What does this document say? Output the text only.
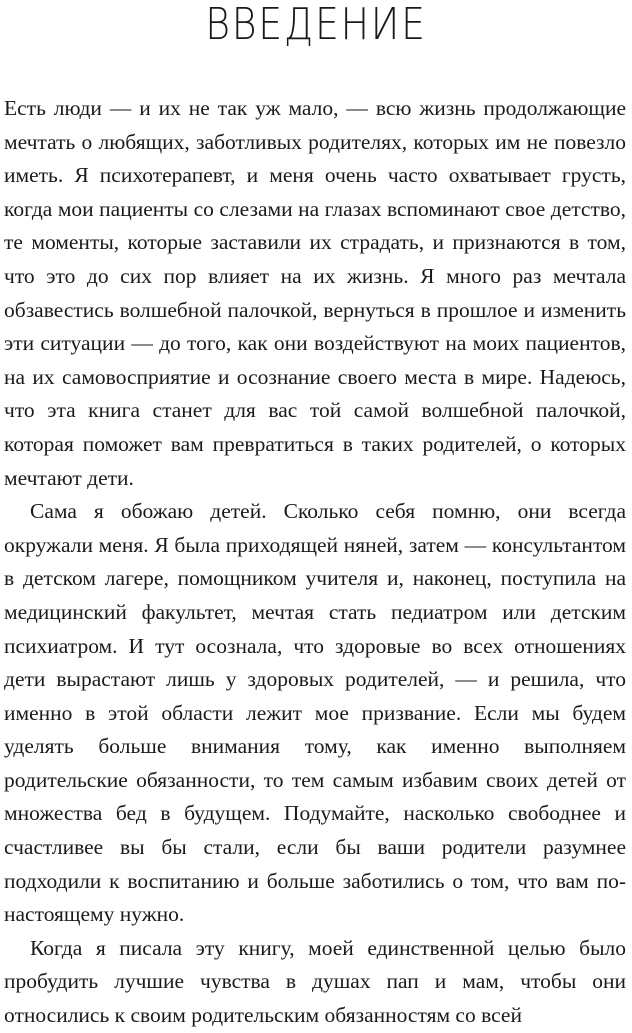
ВВЕДЕНИЕ

Есть люди — и их не так уж мало, — всю жизнь продолжающие мечтать о любящих, заботливых родителях, которых им не повезло иметь. Я психотерапевт, и меня очень часто охватывает грусть, когда мои пациенты со слезами на глазах вспоминают свое детство, те моменты, которые заставили их страдать, и признаются в том, что это до сих пор влияет на их жизнь. Я много раз мечтала обзавестись волшебной палочкой, вернуться в прошлое и изменить эти ситуации — до того, как они воздействуют на моих пациентов, на их самовосприятие и осознание своего места в мире. Надеюсь, что эта книга станет для вас той самой волшебной палочкой, которая поможет вам превратиться в таких родителей, о которых мечтают дети.

Сама я обожаю детей. Сколько себя помню, они всегда окружали меня. Я была приходящей няней, затем — консультантом в детском лагере, помощником учителя и, наконец, поступила на медицинский факультет, мечтая стать педиатром или детским психиатром. И тут осознала, что здоровые во всех отношениях дети вырастают лишь у здоровых родителей, — и решила, что именно в этой области лежит мое призвание. Если мы будем уделять больше внимания тому, как именно выполняем родительские обязанности, то тем самым избавим своих детей от множества бед в будущем. Подумайте, насколько свободнее и счастливее вы бы стали, если бы ваши родители разумнее подходили к воспитанию и больше заботились о том, что вам по-настоящему нужно.

Когда я писала эту книгу, моей единственной целью было пробудить лучшие чувства в душах пап и мам, чтобы они относились к своим родительским обязанностям со всей
